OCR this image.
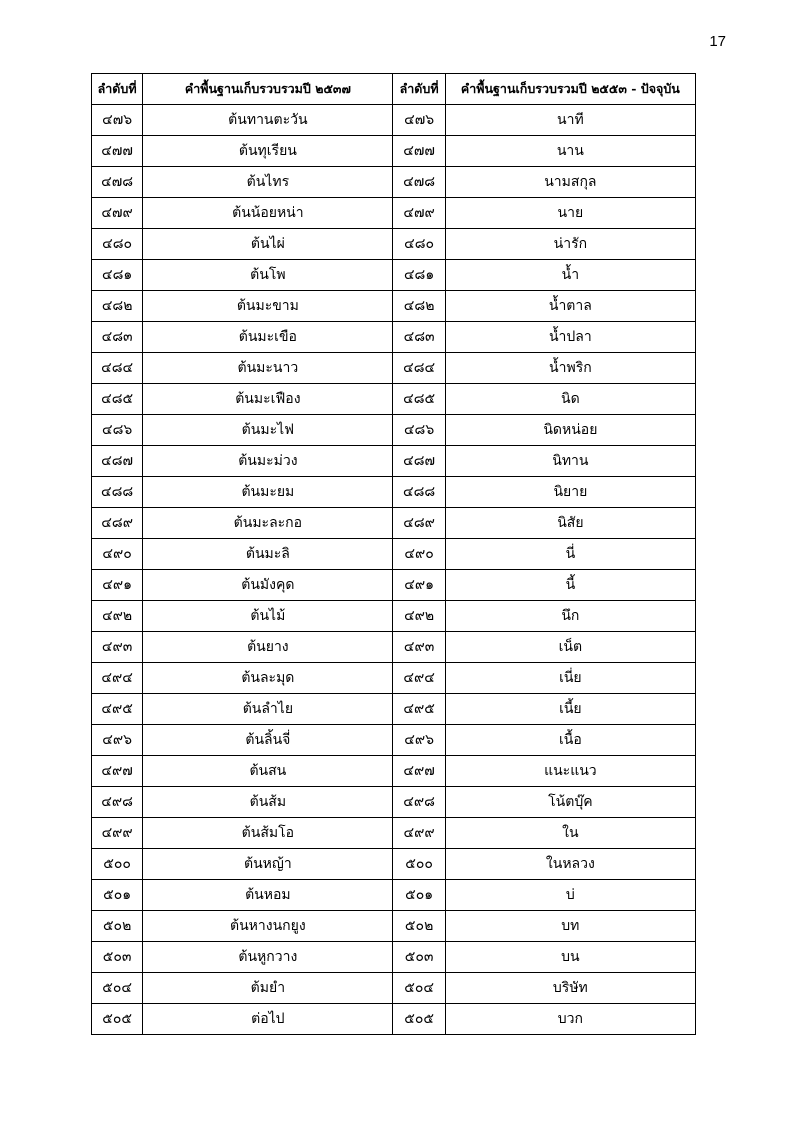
17
ลำดับที่	คำพื้นฐานเก็บรวบรวมปี ๒๕๓๗	ลำดับที่	คำพื้นฐานเก็บรวบรวมปี ๒๕๕๓ - ปัจจุบัน
๔๗๖	ต้นทานตะวัน	๔๗๖	นาที
๔๗๗	ต้นทุเรียน	๔๗๗	นาน
๔๗๘	ต้นไทร	๔๗๘	นามสกุล
๔๗๙	ต้นน้อยหน่า	๔๗๙	นาย
๔๘๐	ต้นไผ่	๔๘๐	น่ารัก
๔๘๑	ต้นโพ	๔๘๑	น้ำ
๔๘๒	ต้นมะขาม	๔๘๒	น้ำตาล
๔๘๓	ต้นมะเขือ	๔๘๓	น้ำปลา
๔๘๔	ต้นมะนาว	๔๘๔	น้ำพริก
๔๘๕	ต้นมะเฟือง	๔๘๕	นิด
๔๘๖	ต้นมะไฟ	๔๘๖	นิดหน่อย
๔๘๗	ต้นมะม่วง	๔๘๗	นิทาน
๔๘๘	ต้นมะยม	๔๘๘	นิยาย
๔๘๙	ต้นมะละกอ	๔๘๙	นิสัย
๔๙๐	ต้นมะลิ	๔๙๐	นี่
๔๙๑	ต้นมังคุด	๔๙๑	นี้
๔๙๒	ต้นไม้	๔๙๒	นึก
๔๙๓	ต้นยาง	๔๙๓	เน็ต
๔๙๔	ต้นละมุด	๔๙๔	เนี่ย
๔๙๕	ต้นลำไย	๔๙๕	เนี้ย
๔๙๖	ต้นลิ้นจี่	๔๙๖	เนื้อ
๔๙๗	ต้นสน	๔๙๗	แนะแนว
๔๙๘	ต้นส้ม	๔๙๘	โน้ตบุ๊ค
๔๙๙	ต้นส้มโอ	๔๙๙	ใน
๕๐๐	ต้นหญ้า	๕๐๐	ในหลวง
๕๐๑	ต้นหอม	๕๐๑	บ่
๕๐๒	ต้นหางนกยูง	๕๐๒	บท
๕๐๓	ต้นหูกวาง	๕๐๓	บน
๕๐๔	ต้มยำ	๕๐๔	บริษัท
๕๐๕	ต่อไป	๕๐๕	บวก
